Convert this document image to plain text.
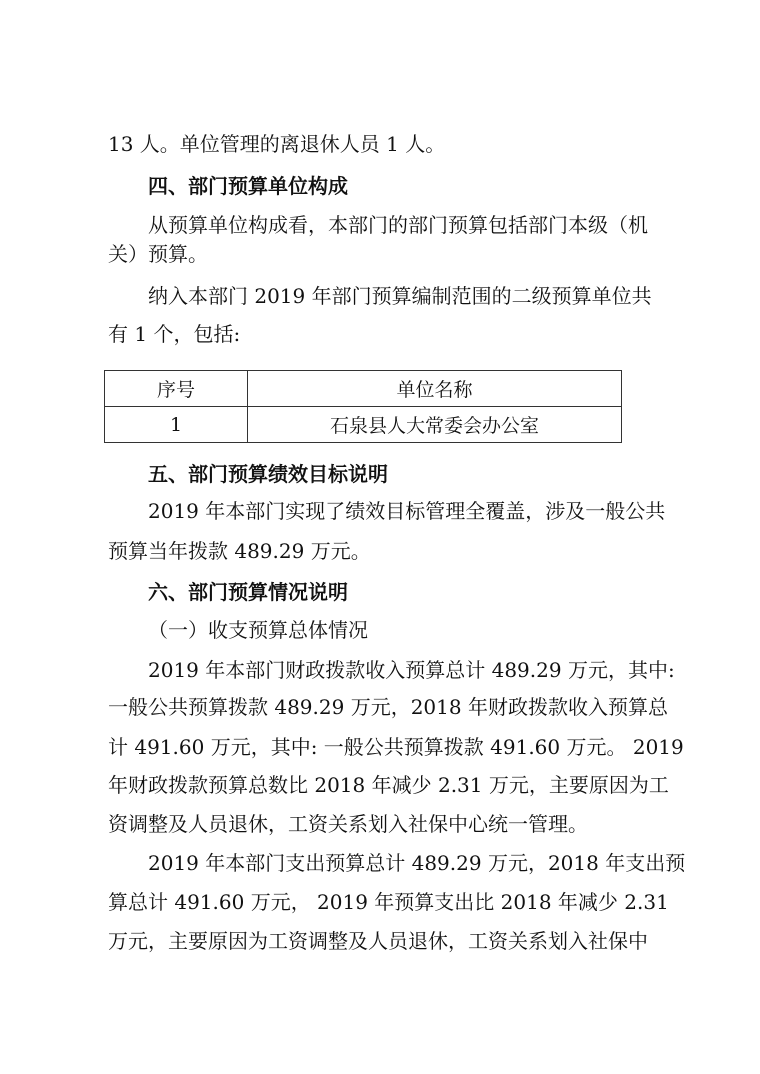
13 人。单位管理的离退休人员 1 人。
四、部门预算单位构成
从预算单位构成看，本部门的部门预算包括部门本级（机
关）预算。
纳入本部门 2019 年部门预算编制范围的二级预算单位共
有 1 个，包括:
序号	单位名称
1	石泉县人大常委会办公室
五、部门预算绩效目标说明
2019 年本部门实现了绩效目标管理全覆盖，涉及一般公共
预算当年拨款 489.29 万元。
六、部门预算情况说明
（一）收支预算总体情况
2019 年本部门财政拨款收入预算总计 489.29 万元，其中:
一般公共预算拨款 489.29 万元，2018 年财政拨款收入预算总
计 491.60 万元，其中: 一般公共预算拨款 491.60 万元。 2019
年财政拨款预算总数比 2018 年减少 2.31 万元，主要原因为工
资调整及人员退休，工资关系划入社保中心统一管理。
2019 年本部门支出预算总计 489.29 万元，2018 年支出预
算总计 491.60 万元， 2019 年预算支出比 2018 年减少 2.31
万元，主要原因为工资调整及人员退休，工资关系划入社保中
